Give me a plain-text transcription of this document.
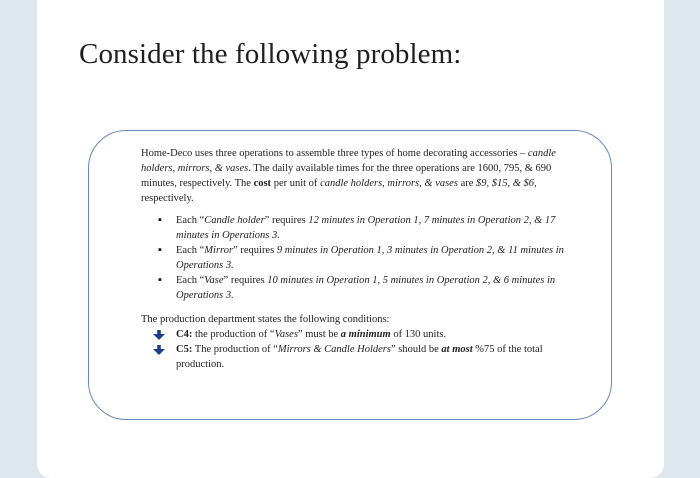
Consider the following problem:

Home-Deco uses three operations to assemble three types of home decorating accessories – candle holders, mirrors, & vases. The daily available times for the three operations are 1600, 795, & 690 minutes, respectively. The cost per unit of candle holders, mirrors, & vases are $9, $15, & $6, respectively.

▪ Each “Candle holder” requires 12 minutes in Operation 1, 7 minutes in Operation 2, & 17 minutes in Operations 3.
▪ Each “Mirror” requires 9 minutes in Operation 1, 3 minutes in Operation 2, & 11 minutes in Operations 3.
▪ Each “Vase” requires 10 minutes in Operation 1, 5 minutes in Operation 2, & 6 minutes in Operations 3.

The production department states the following conditions:

C4: the production of “Vases” must be a minimum of 130 units.
C5: The production of “Mirrors & Candle Holders” should be at most %75 of the total production.
